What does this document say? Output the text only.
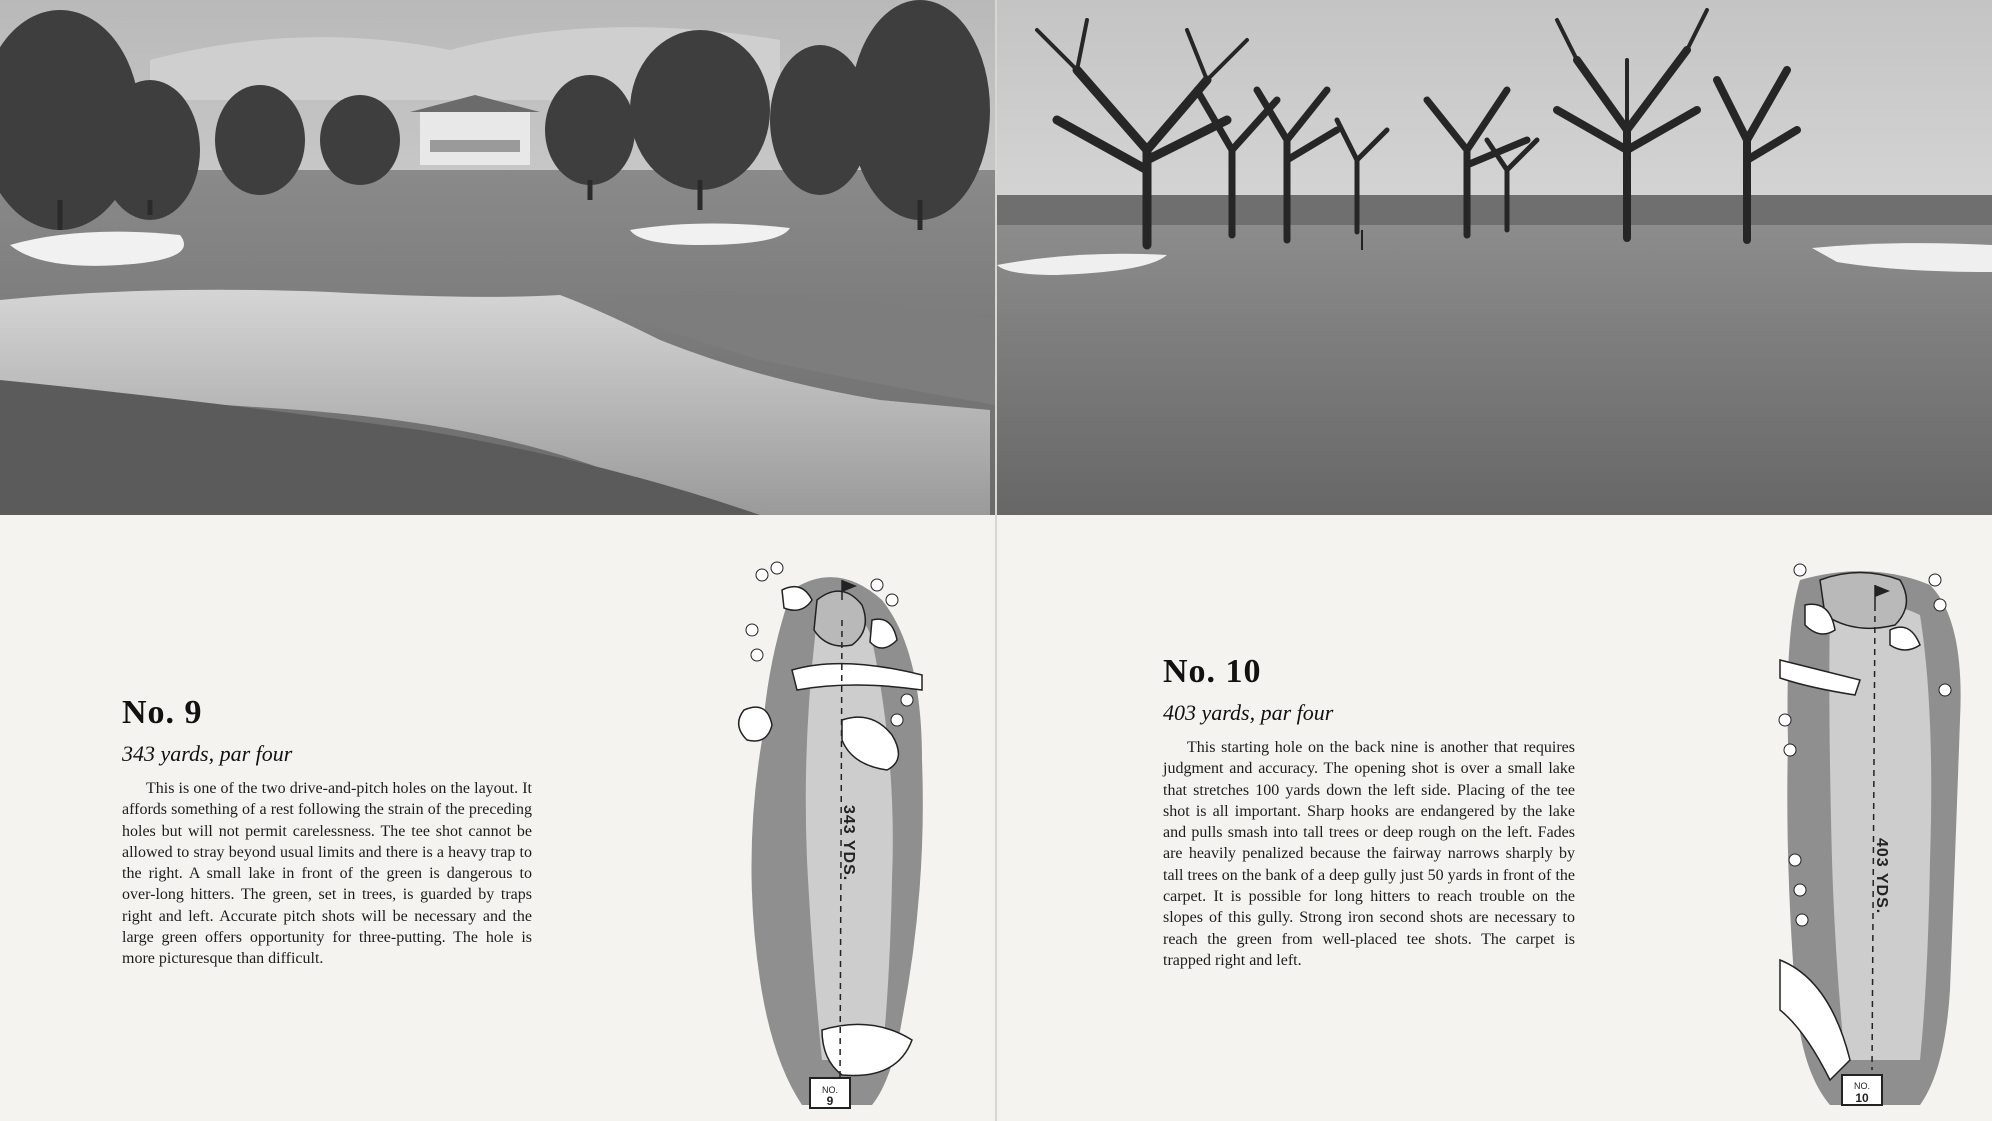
No. 9
343 yards, par four
This is one of the two drive-and-pitch holes on the layout. It affords something of a rest following the strain of the preceding holes but will not permit carelessness. The tee shot cannot be allowed to stray beyond usual limits and there is a heavy trap to the right. A small lake in front of the green is dangerous to over-long hitters. The green, set in trees, is guarded by traps right and left. Accurate pitch shots will be necessary and the large green offers opportunity for three-putting. The hole is more picturesque than difficult.
NO.
9
343 YDS.
No. 10
403 yards, par four
This starting hole on the back nine is another that requires judgment and accuracy. The opening shot is over a small lake that stretches 100 yards down the left side. Placing of the tee shot is all important. Sharp hooks are endangered by the lake and pulls smash into tall trees or deep rough on the left. Fades are heavily penalized because the fairway narrows sharply by tall trees on the bank of a deep gully just 50 yards in front of the carpet. It is possible for long hitters to reach trouble on the slopes of this gully. Strong iron second shots are necessary to reach the green from well-placed tee shots. The carpet is trapped right and left.
NO.
10
403 YDS.
